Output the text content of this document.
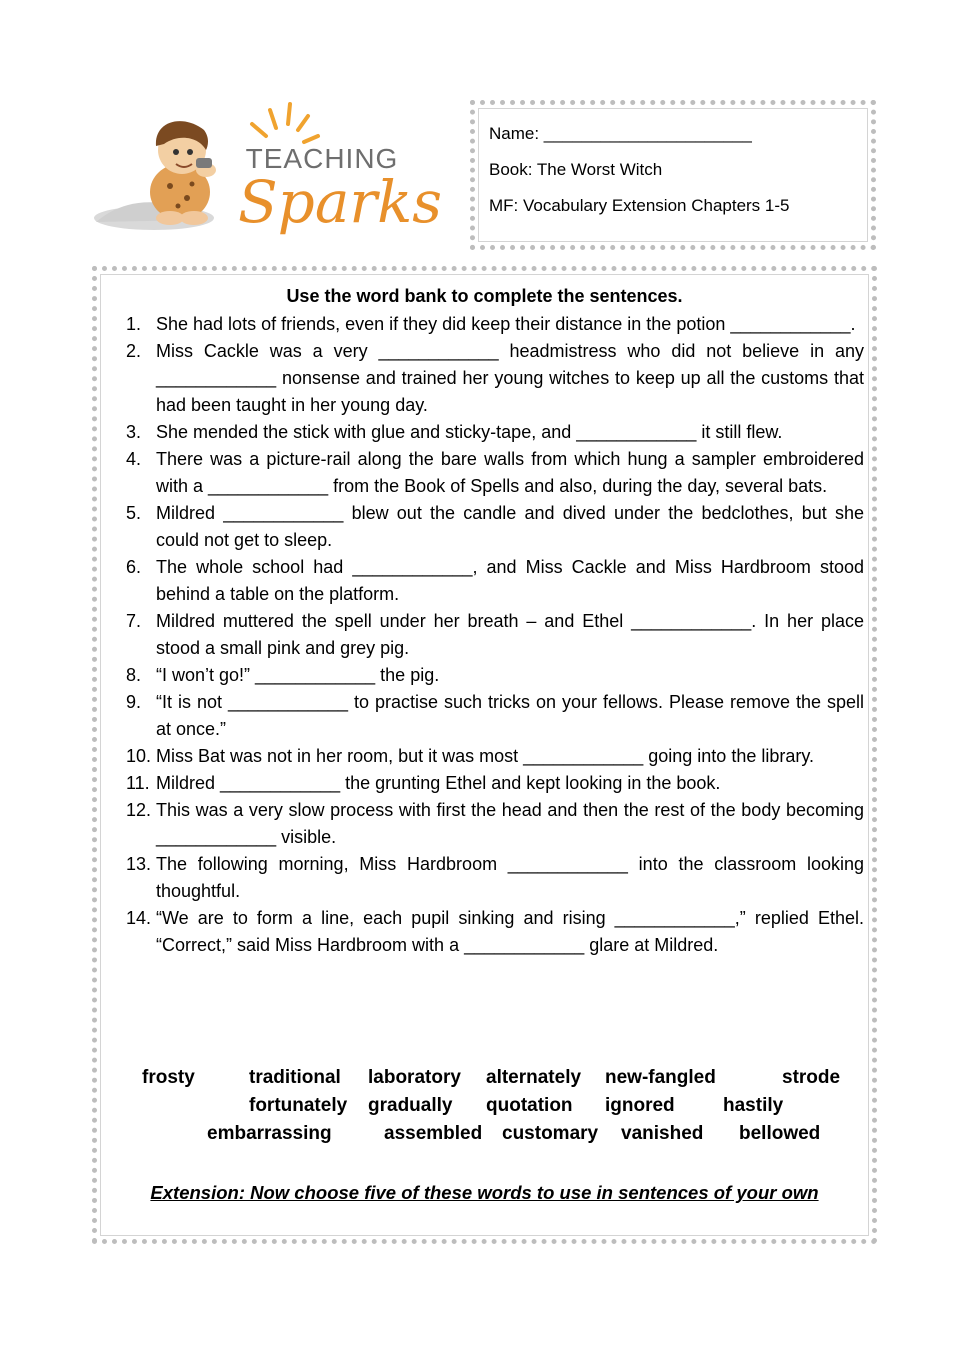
TEACHING
Sparks
Name: ______________________
Book: The Worst Witch
MF: Vocabulary Extension Chapters 1-5
Use the word bank to complete the sentences.
1. She had lots of friends, even if they did keep their distance in the potion ____________.
2. Miss Cackle was a very ____________ headmistress who did not believe in any ____________ nonsense and trained her young witches to keep up all the customs that had been taught in her young day.
3. She mended the stick with glue and sticky-tape, and ____________ it still flew.
4. There was a picture-rail along the bare walls from which hung a sampler embroidered with a ____________ from the Book of Spells and also, during the day, several bats.
5. Mildred ____________ blew out the candle and dived under the bedclothes, but she could not get to sleep.
6. The whole school had ____________, and Miss Cackle and Miss Hardbroom stood behind a table on the platform.
7. Mildred muttered the spell under her breath – and Ethel ____________. In her place stood a small pink and grey pig.
8. “I won’t go!” ____________ the pig.
9. “It is not ____________ to practise such tricks on your fellows. Please remove the spell at once.”
10. Miss Bat was not in her room, but it was most ____________ going into the library.
11. Mildred ____________ the grunting Ethel and kept looking in the book.
12. This was a very slow process with first the head and then the rest of the body becoming ____________ visible.
13. The following morning, Miss Hardbroom ____________ into the classroom looking thoughtful.
14. “We are to form a line, each pupil sinking and rising ____________,” replied Ethel. “Correct,” said Miss Hardbroom with a ____________ glare at Mildred.
frosty	traditional laboratory alternately new-fangled	strode
fortunately gradually quotation ignored	hastily
embarrassing	assembled customary vanished bellowed
Extension: Now choose five of these words to use in sentences of your own
